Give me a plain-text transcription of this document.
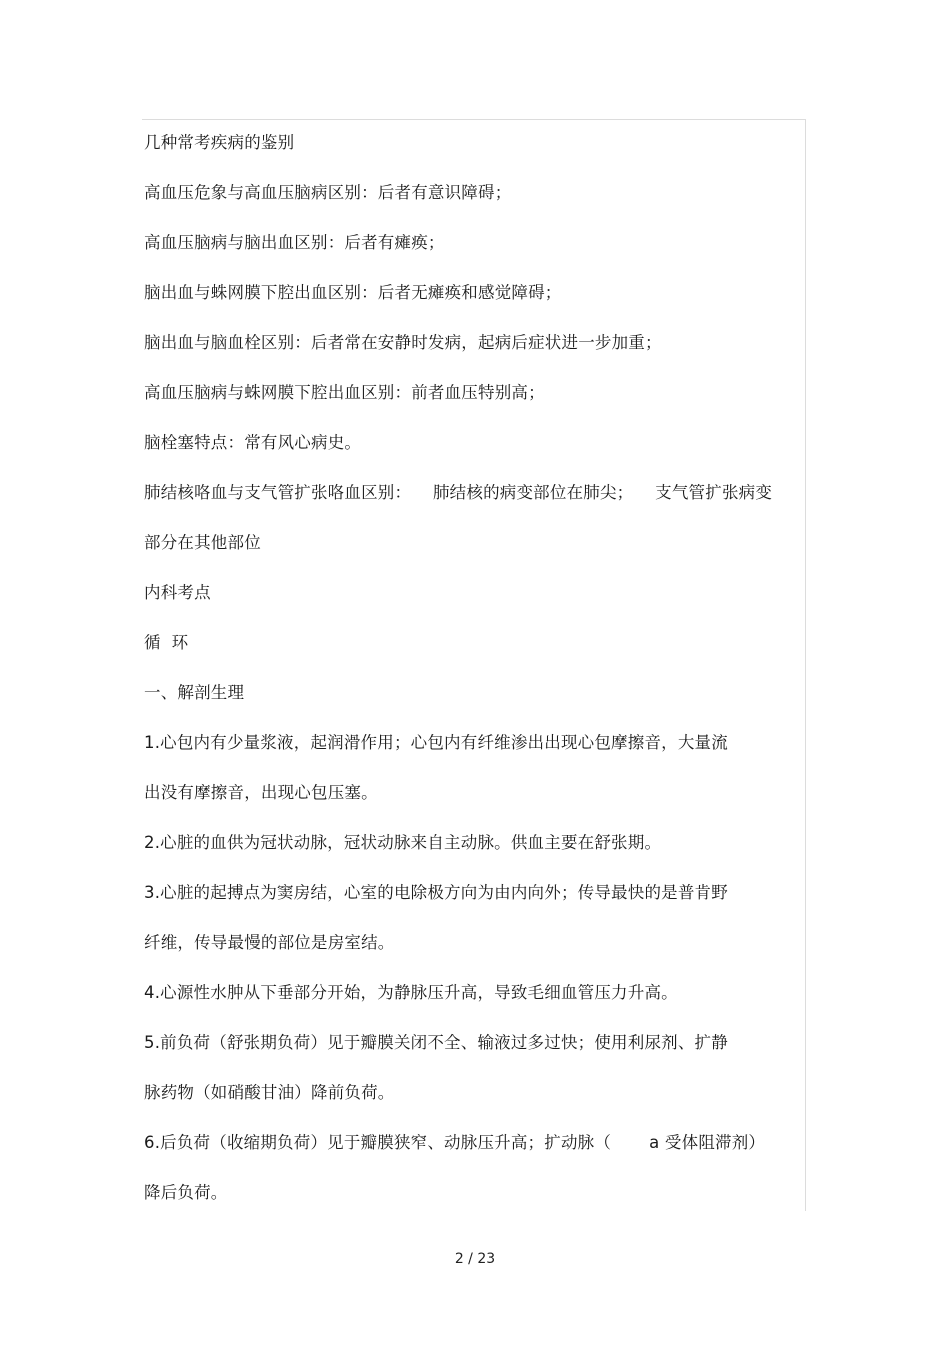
几种常考疾病的鉴别
高血压危象与高血压脑病区别：后者有意识障碍；
高血压脑病与脑出血区别：后者有瘫痪；
脑出血与蛛网膜下腔出血区别：后者无瘫痪和感觉障碍；
脑出血与脑血栓区别：后者常在安静时发病，起病后症状进一步加重；
高血压脑病与蛛网膜下腔出血区别：前者血压特别高；
脑栓塞特点：常有风心病史。
肺结核咯血与支气管扩张咯血区别：    肺结核的病变部位在肺尖；    支气管扩张病变
部分在其他部位
内科考点
循  环
一、解剖生理
1.心包内有少量浆液，起润滑作用；心包内有纤维渗出出现心包摩擦音，大量流
出没有摩擦音，出现心包压塞。
2.心脏的血供为冠状动脉，冠状动脉来自主动脉。供血主要在舒张期。
3.心脏的起搏点为窦房结，心室的电除极方向为由内向外；传导最快的是普肯野
纤维，传导最慢的部位是房室结。
4.心源性水肿从下垂部分开始，为静脉压升高，导致毛细血管压力升高。
5.前负荷（舒张期负荷）见于瓣膜关闭不全、输液过多过快；使用利尿剂、扩静
脉药物（如硝酸甘油）降前负荷。
6.后负荷（收缩期负荷）见于瓣膜狭窄、动脉压升高；扩动脉（       a 受体阻滞剂）
降后负荷。
2 / 23
